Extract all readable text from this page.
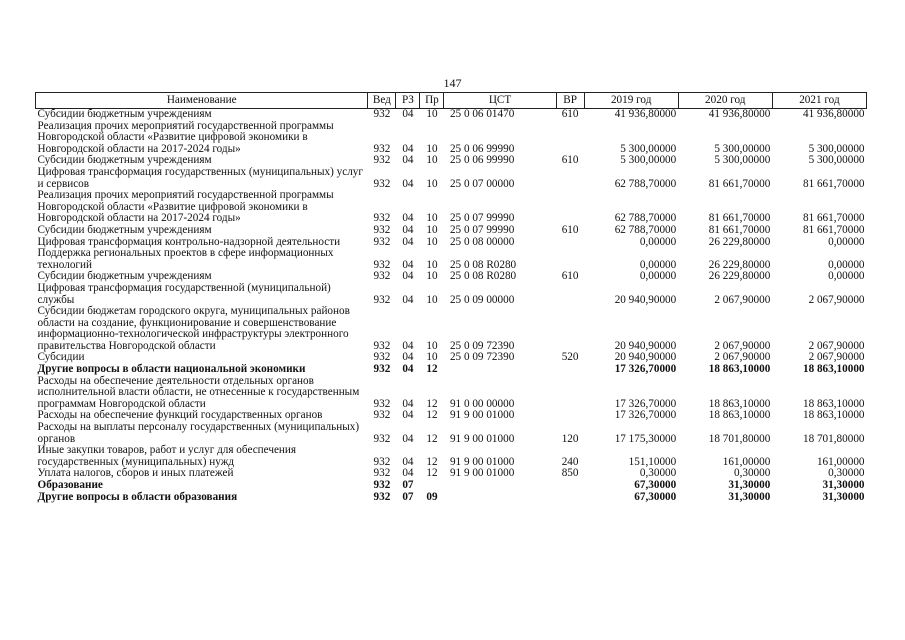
147
Наименование	Вед	РЗ	Пр	ЦСТ	ВР	2019 год	2020 год	2021 год
Субсидии бюджетным учреждениям	932	04	10	25 0 06 01470	610	41 936,80000	41 936,80000	41 936,80000
Реализация прочих мероприятий государственной программы Новгородской области «Развитие цифровой экономики в Новгородской области на 2017-2024 годы»	932	04	10	25 0 06 99990		5 300,00000	5 300,00000	5 300,00000
Субсидии бюджетным учреждениям	932	04	10	25 0 06 99990	610	5 300,00000	5 300,00000	5 300,00000
Цифровая трансформация государственных (муниципальных) услуг и сервисов	932	04	10	25 0 07 00000		62 788,70000	81 661,70000	81 661,70000
Реализация прочих мероприятий государственной программы Новгородской области «Развитие цифровой экономики в Новгородской области на 2017-2024 годы»	932	04	10	25 0 07 99990		62 788,70000	81 661,70000	81 661,70000
Субсидии бюджетным учреждениям	932	04	10	25 0 07 99990	610	62 788,70000	81 661,70000	81 661,70000
Цифровая трансформация контрольно-надзорной деятельности	932	04	10	25 0 08 00000		0,00000	26 229,80000	0,00000
Поддержка региональных проектов в сфере информационных технологий	932	04	10	25 0 08 R0280		0,00000	26 229,80000	0,00000
Субсидии бюджетным учреждениям	932	04	10	25 0 08 R0280	610	0,00000	26 229,80000	0,00000
Цифровая трансформация государственной (муниципальной) службы	932	04	10	25 0 09 00000		20 940,90000	2 067,90000	2 067,90000
Субсидии бюджетам городского округа, муниципальных районов области на создание, функционирование и совершенствование информационно-технологической инфраструктуры электронного правительства Новгородской области	932	04	10	25 0 09 72390		20 940,90000	2 067,90000	2 067,90000
Субсидии	932	04	10	25 0 09 72390	520	20 940,90000	2 067,90000	2 067,90000
Другие вопросы в области национальной экономики	932	04	12			17 326,70000	18 863,10000	18 863,10000
Расходы на обеспечение деятельности отдельных органов исполнительной власти области, не отнесенные к государственным программам Новгородской области	932	04	12	91 0 00 00000		17 326,70000	18 863,10000	18 863,10000
Расходы на обеспечение функций государственных органов	932	04	12	91 9 00 01000		17 326,70000	18 863,10000	18 863,10000
Расходы на выплаты персоналу государственных (муниципальных) органов	932	04	12	91 9 00 01000	120	17 175,30000	18 701,80000	18 701,80000
Иные закупки товаров, работ и услуг для обеспечения государственных (муниципальных) нужд	932	04	12	91 9 00 01000	240	151,10000	161,00000	161,00000
Уплата налогов, сборов и иных платежей	932	04	12	91 9 00 01000	850	0,30000	0,30000	0,30000
Образование	932	07				67,30000	31,30000	31,30000
Другие вопросы в области образования	932	07	09			67,30000	31,30000	31,30000
